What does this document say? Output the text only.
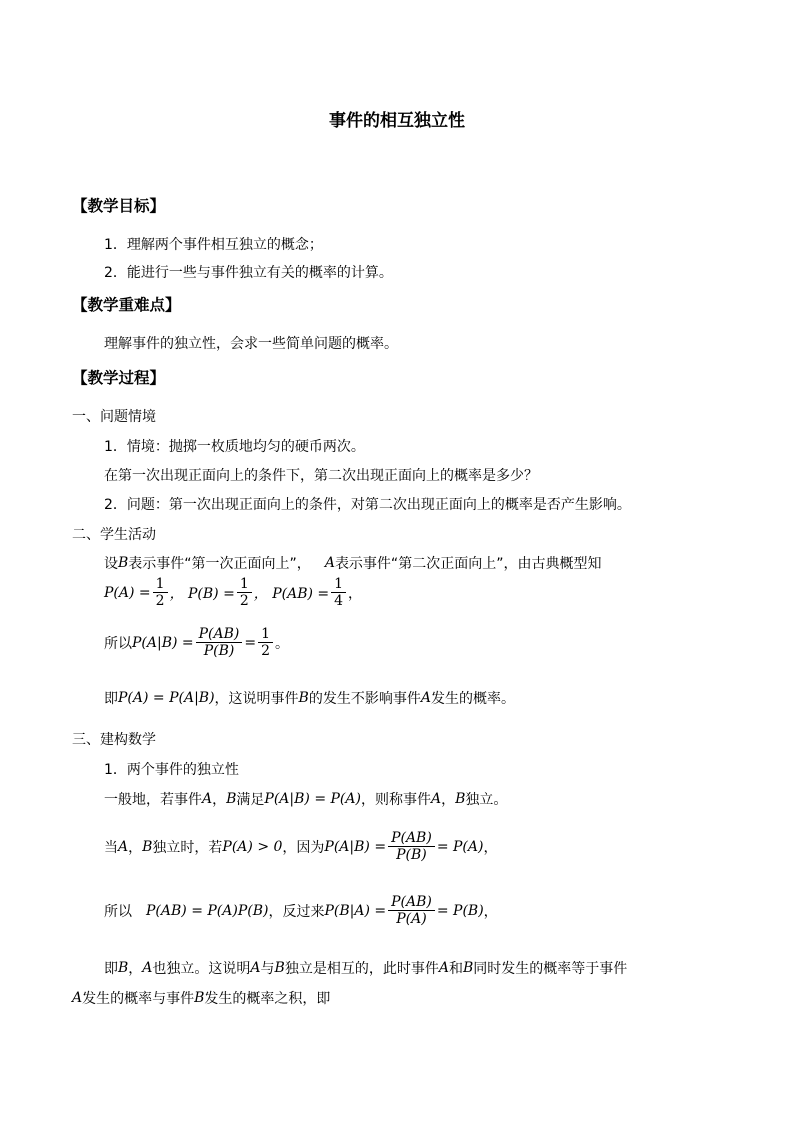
事件的相互独立性
【教学目标】
1．理解两个事件相互独立的概念；
2．能进行一些与事件独立有关的概率的计算。
【教学重难点】
理解事件的独立性，会求一些简单问题的概率。
【教学过程】
一、问题情境
1．情境：抛掷一枚质地均匀的硬币两次。
在第一次出现正面向上的条件下，第二次出现正面向上的概率是多少？
2．问题：第一次出现正面向上的条件，对第二次出现正面向上的概率是否产生影响。
二、学生活动
设 B 表示事件“第一次正面向上”， A 表示事件“第二次正面向上”，由古典概型知
$P(A) = \frac{1}{2}$ ， $P(B) = \frac{1}{2}$ ， $P(AB) = \frac{1}{4}$ ，
所以 $P(A|B) = \frac{P(AB)}{P(B)} = \frac{1}{2}$ 。
即 P(A) = P(A|B) ，这说明事件 B 的发生不影响事件 A 发生的概率。
三、建构数学
1．两个事件的独立性
一般地，若事件 A ， B 满足 P(A|B) = P(A) ，则称事件 A ， B 独立。
当 A ， B 独立时，若 P(A) > 0 ，因为 $P(A|B) = \frac{P(AB)}{P(B)} = P(A)$ ，
所以 P(AB) = P(A)P(B) ，反过来 $P(B|A) = \frac{P(AB)}{P(A)} = P(B)$ ，
即 B ， A 也独立。这说明 A 与 B 独立是相互的，此时事件 A 和 B 同时发生的概率等于事件
A 发生的概率与事件 B 发生的概率之积，即
